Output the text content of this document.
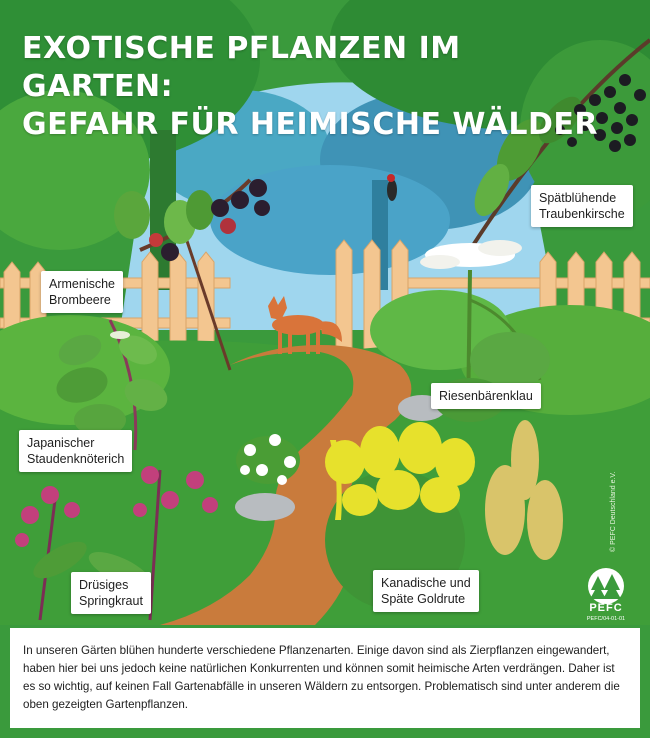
EXOTISCHE PFLANZEN IM GARTEN:
GEFAHR FÜR HEIMISCHE WÄLDER
Armenische
Brombeere
Spätblühende
Traubenkirsche
Riesenbärenklau
Japanischer
Staudenknöterich
Drüsiges
Springkraut
Kanadische und
Späte Goldrute
© PEFC Deutschland e.V.
PEFC
PEFC/04-01-01

In unseren Gärten blühen hunderte verschiedene Pflanzenarten. Einige davon sind als Zierpflanzen eingewandert, haben hier bei uns jedoch keine natürlichen Konkurrenten und können somit heimische Arten verdrängen. Daher ist es so wichtig, auf keinen Fall Gartenabfälle in unseren Wäldern zu entsorgen. Problematisch sind unter anderem die oben gezeigten Gartenpflanzen.
